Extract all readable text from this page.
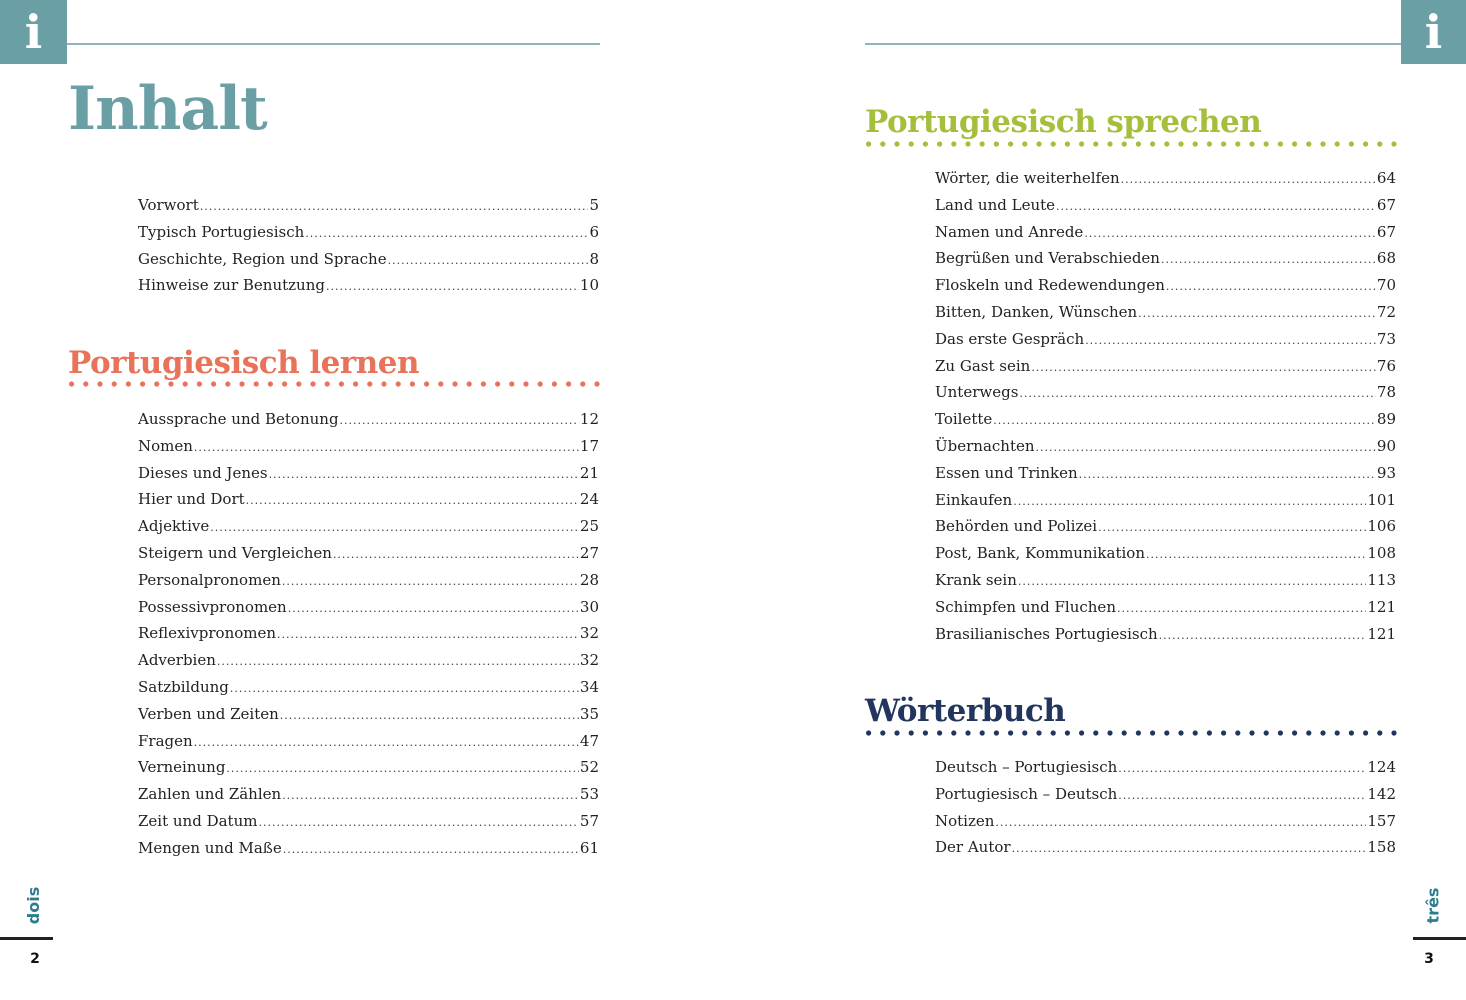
i
Inhalt
Vorwort .....	5
Typisch Portugiesisch .....	6
Geschichte, Region und Sprache .....	8
Hinweise zur Benutzung .....	10
Portugiesisch lernen
Aussprache und Betonung .....	12
Nomen .....	17
Dieses und Jenes .....	21
Hier und Dort .....	24
Adjektive .....	25
Steigern und Vergleichen .....	27
Personalpronomen .....	28
Possessivpronomen .....	30
Reflexivpronomen .....	32
Adverbien .....	32
Satzbildung .....	34
Verben und Zeiten .....	35
Fragen .....	47
Verneinung .....	52
Zahlen und Zählen .....	53
Zeit und Datum .....	57
Mengen und Maße .....	61
dois
2
i
Portugiesisch sprechen
Wörter, die weiterhelfen .....	64
Land und Leute .....	67
Namen und Anrede .....	67
Begrüßen und Verabschieden .....	68
Floskeln und Redewendungen .....	70
Bitten, Danken, Wünschen .....	72
Das erste Gespräch .....	73
Zu Gast sein .....	76
Unterwegs .....	78
Toilette .....	89
Übernachten .....	90
Essen und Trinken .....	93
Einkaufen .....	101
Behörden und Polizei .....	106
Post, Bank, Kommunikation .....	108
Krank sein .....	113
Schimpfen und Fluchen .....	121
Brasilianisches Portugiesisch .....	121
Wörterbuch
Deutsch – Portugiesisch .....	124
Portugiesisch – Deutsch .....	142
Notizen .....	157
Der Autor .....	158
três
3
